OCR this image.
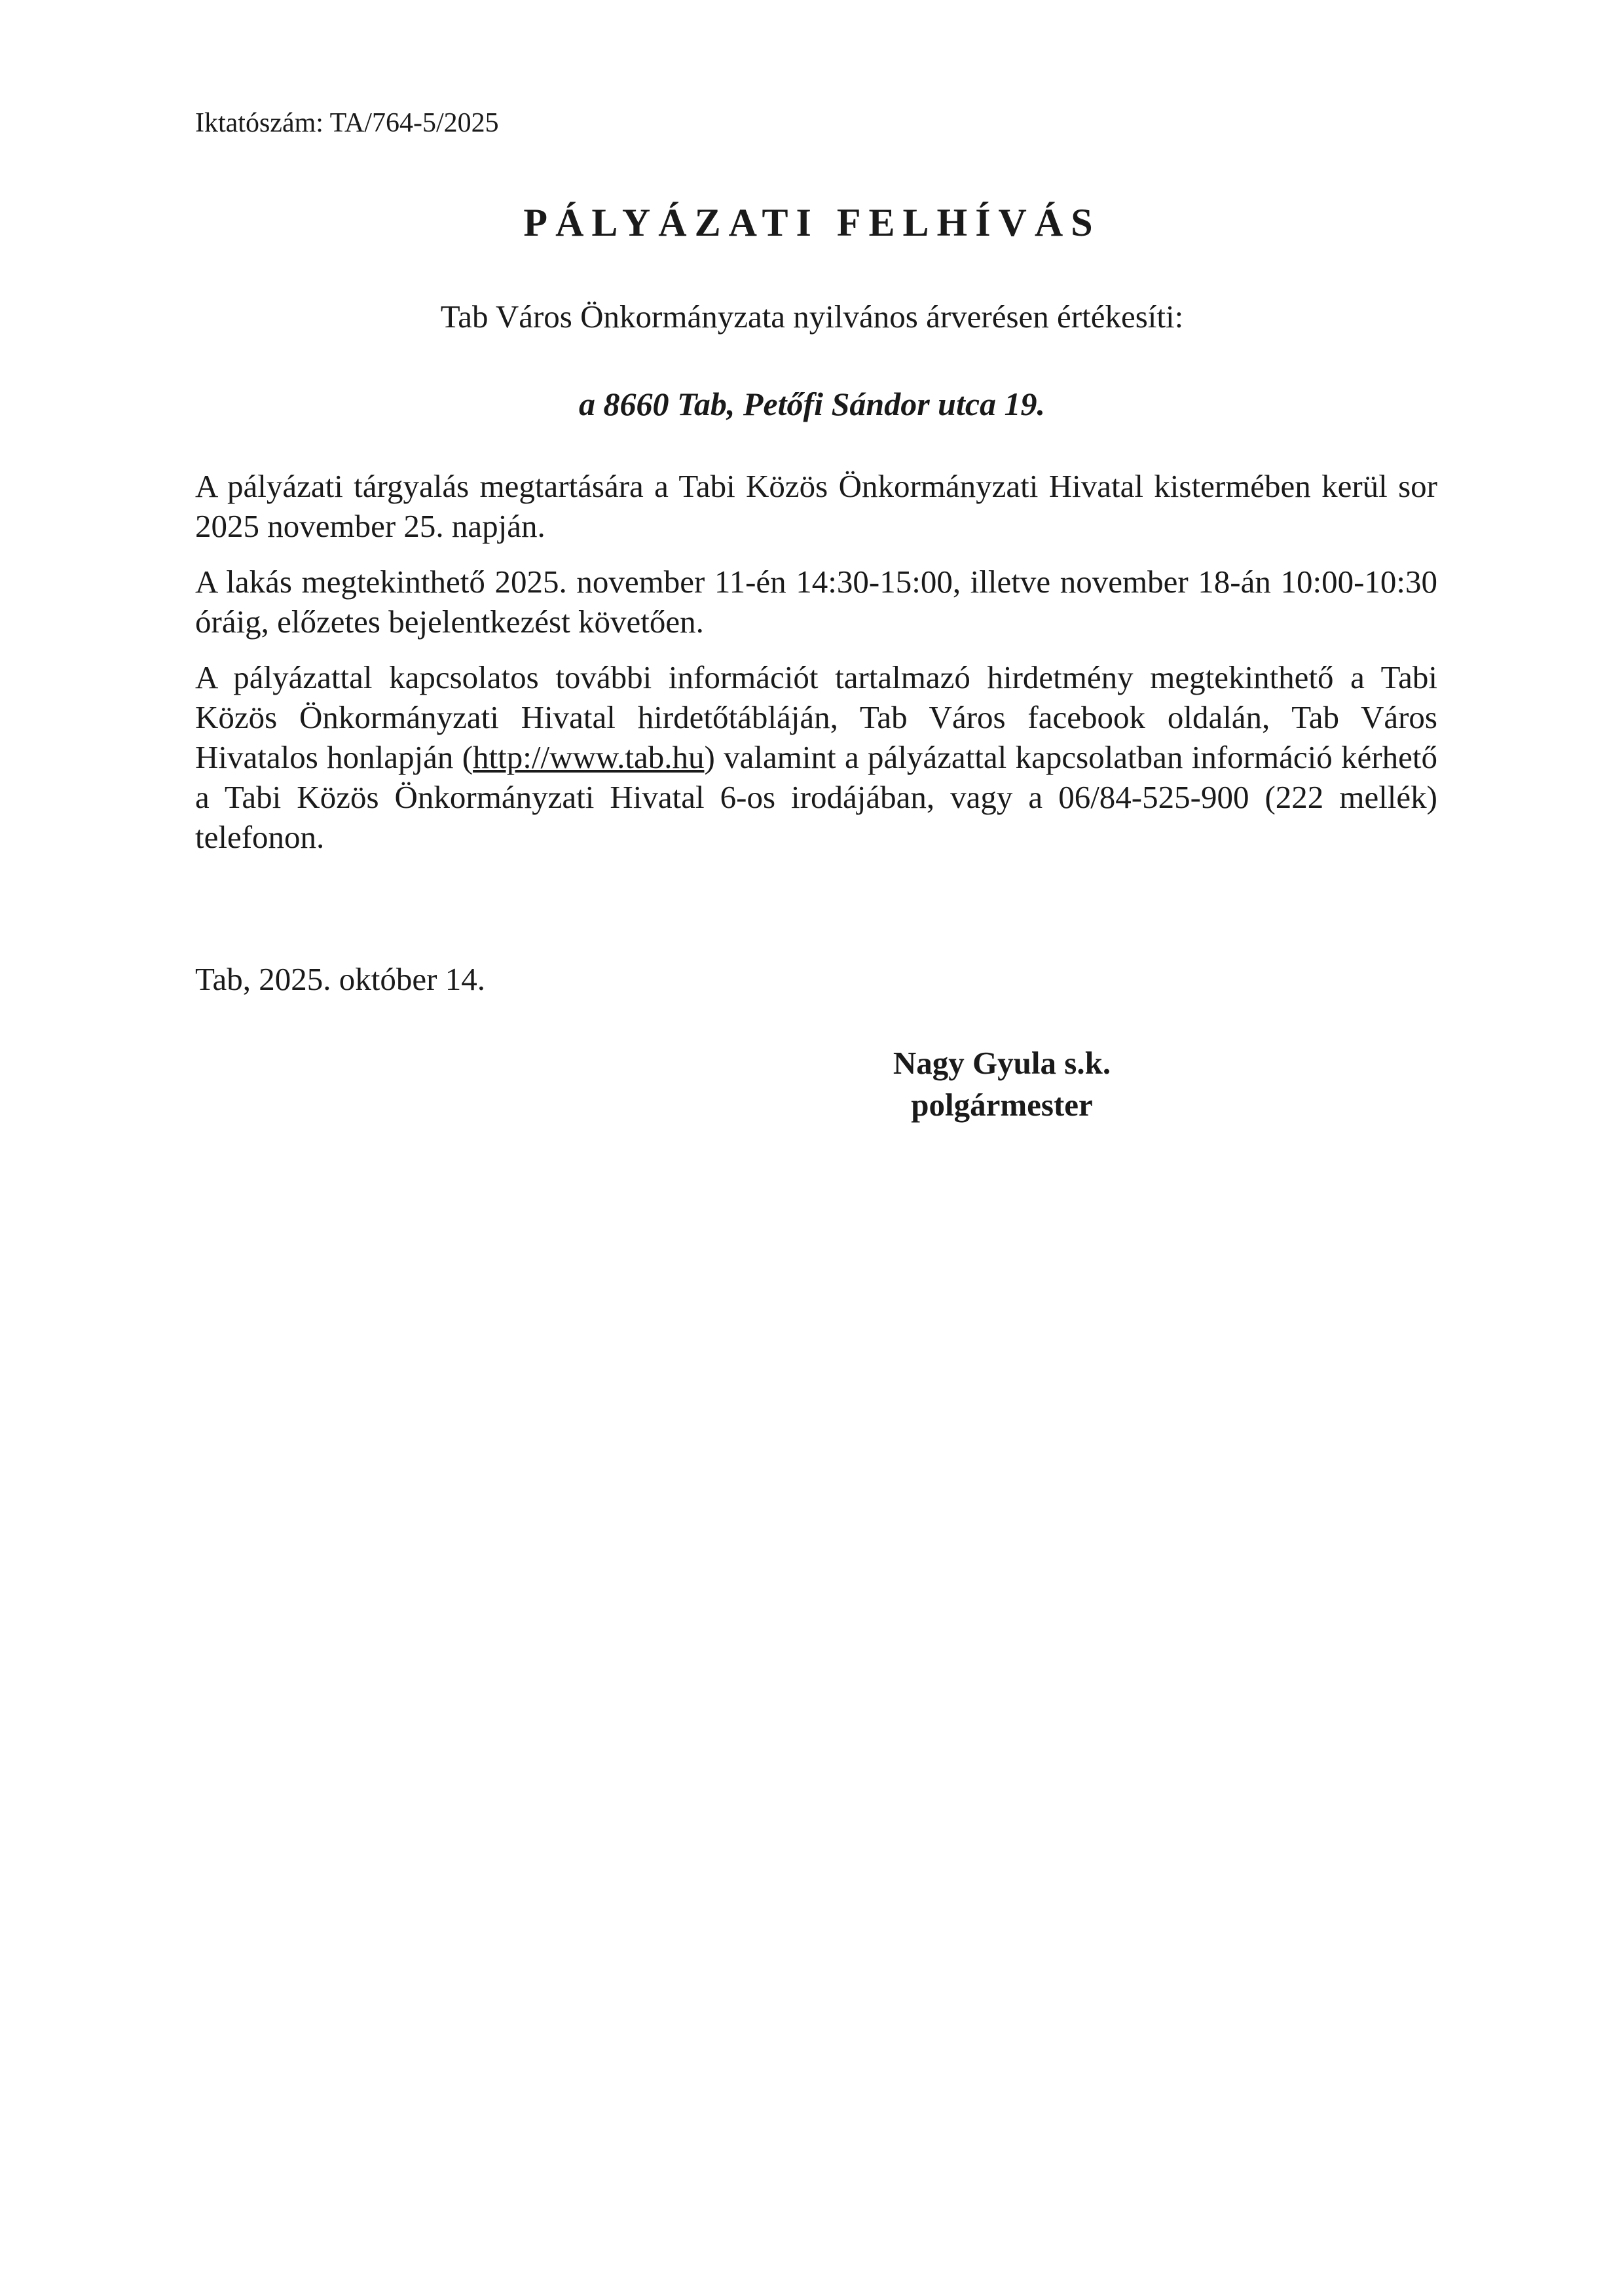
Iktatószám: TA/764-5/2025

PÁLYÁZATI FELHÍVÁS

Tab Város Önkormányzata nyilvános árverésen értékesíti:

a 8660 Tab, Petőfi Sándor utca 19.

A pályázati tárgyalás megtartására a Tabi Közös Önkormányzati Hivatal kistermében kerül sor 2025 november 25. napján.

A lakás megtekinthető 2025. november 11-én 14:30-15:00, illetve november 18-án 10:00-10:30 óráig, előzetes bejelentkezést követően.

A pályázattal kapcsolatos további információt tartalmazó hirdetmény megtekinthető a Tabi Közös Önkormányzati Hivatal hirdetőtábláján, Tab Város facebook oldalán, Tab Város Hivatalos honlapján (http://www.tab.hu) valamint a pályázattal kapcsolatban információ kérhető a Tabi Közös Önkormányzati Hivatal 6-os irodájában, vagy a 06/84-525-900 (222 mellék) telefonon.

Tab, 2025. október 14.

Nagy Gyula s.k.
polgármester
